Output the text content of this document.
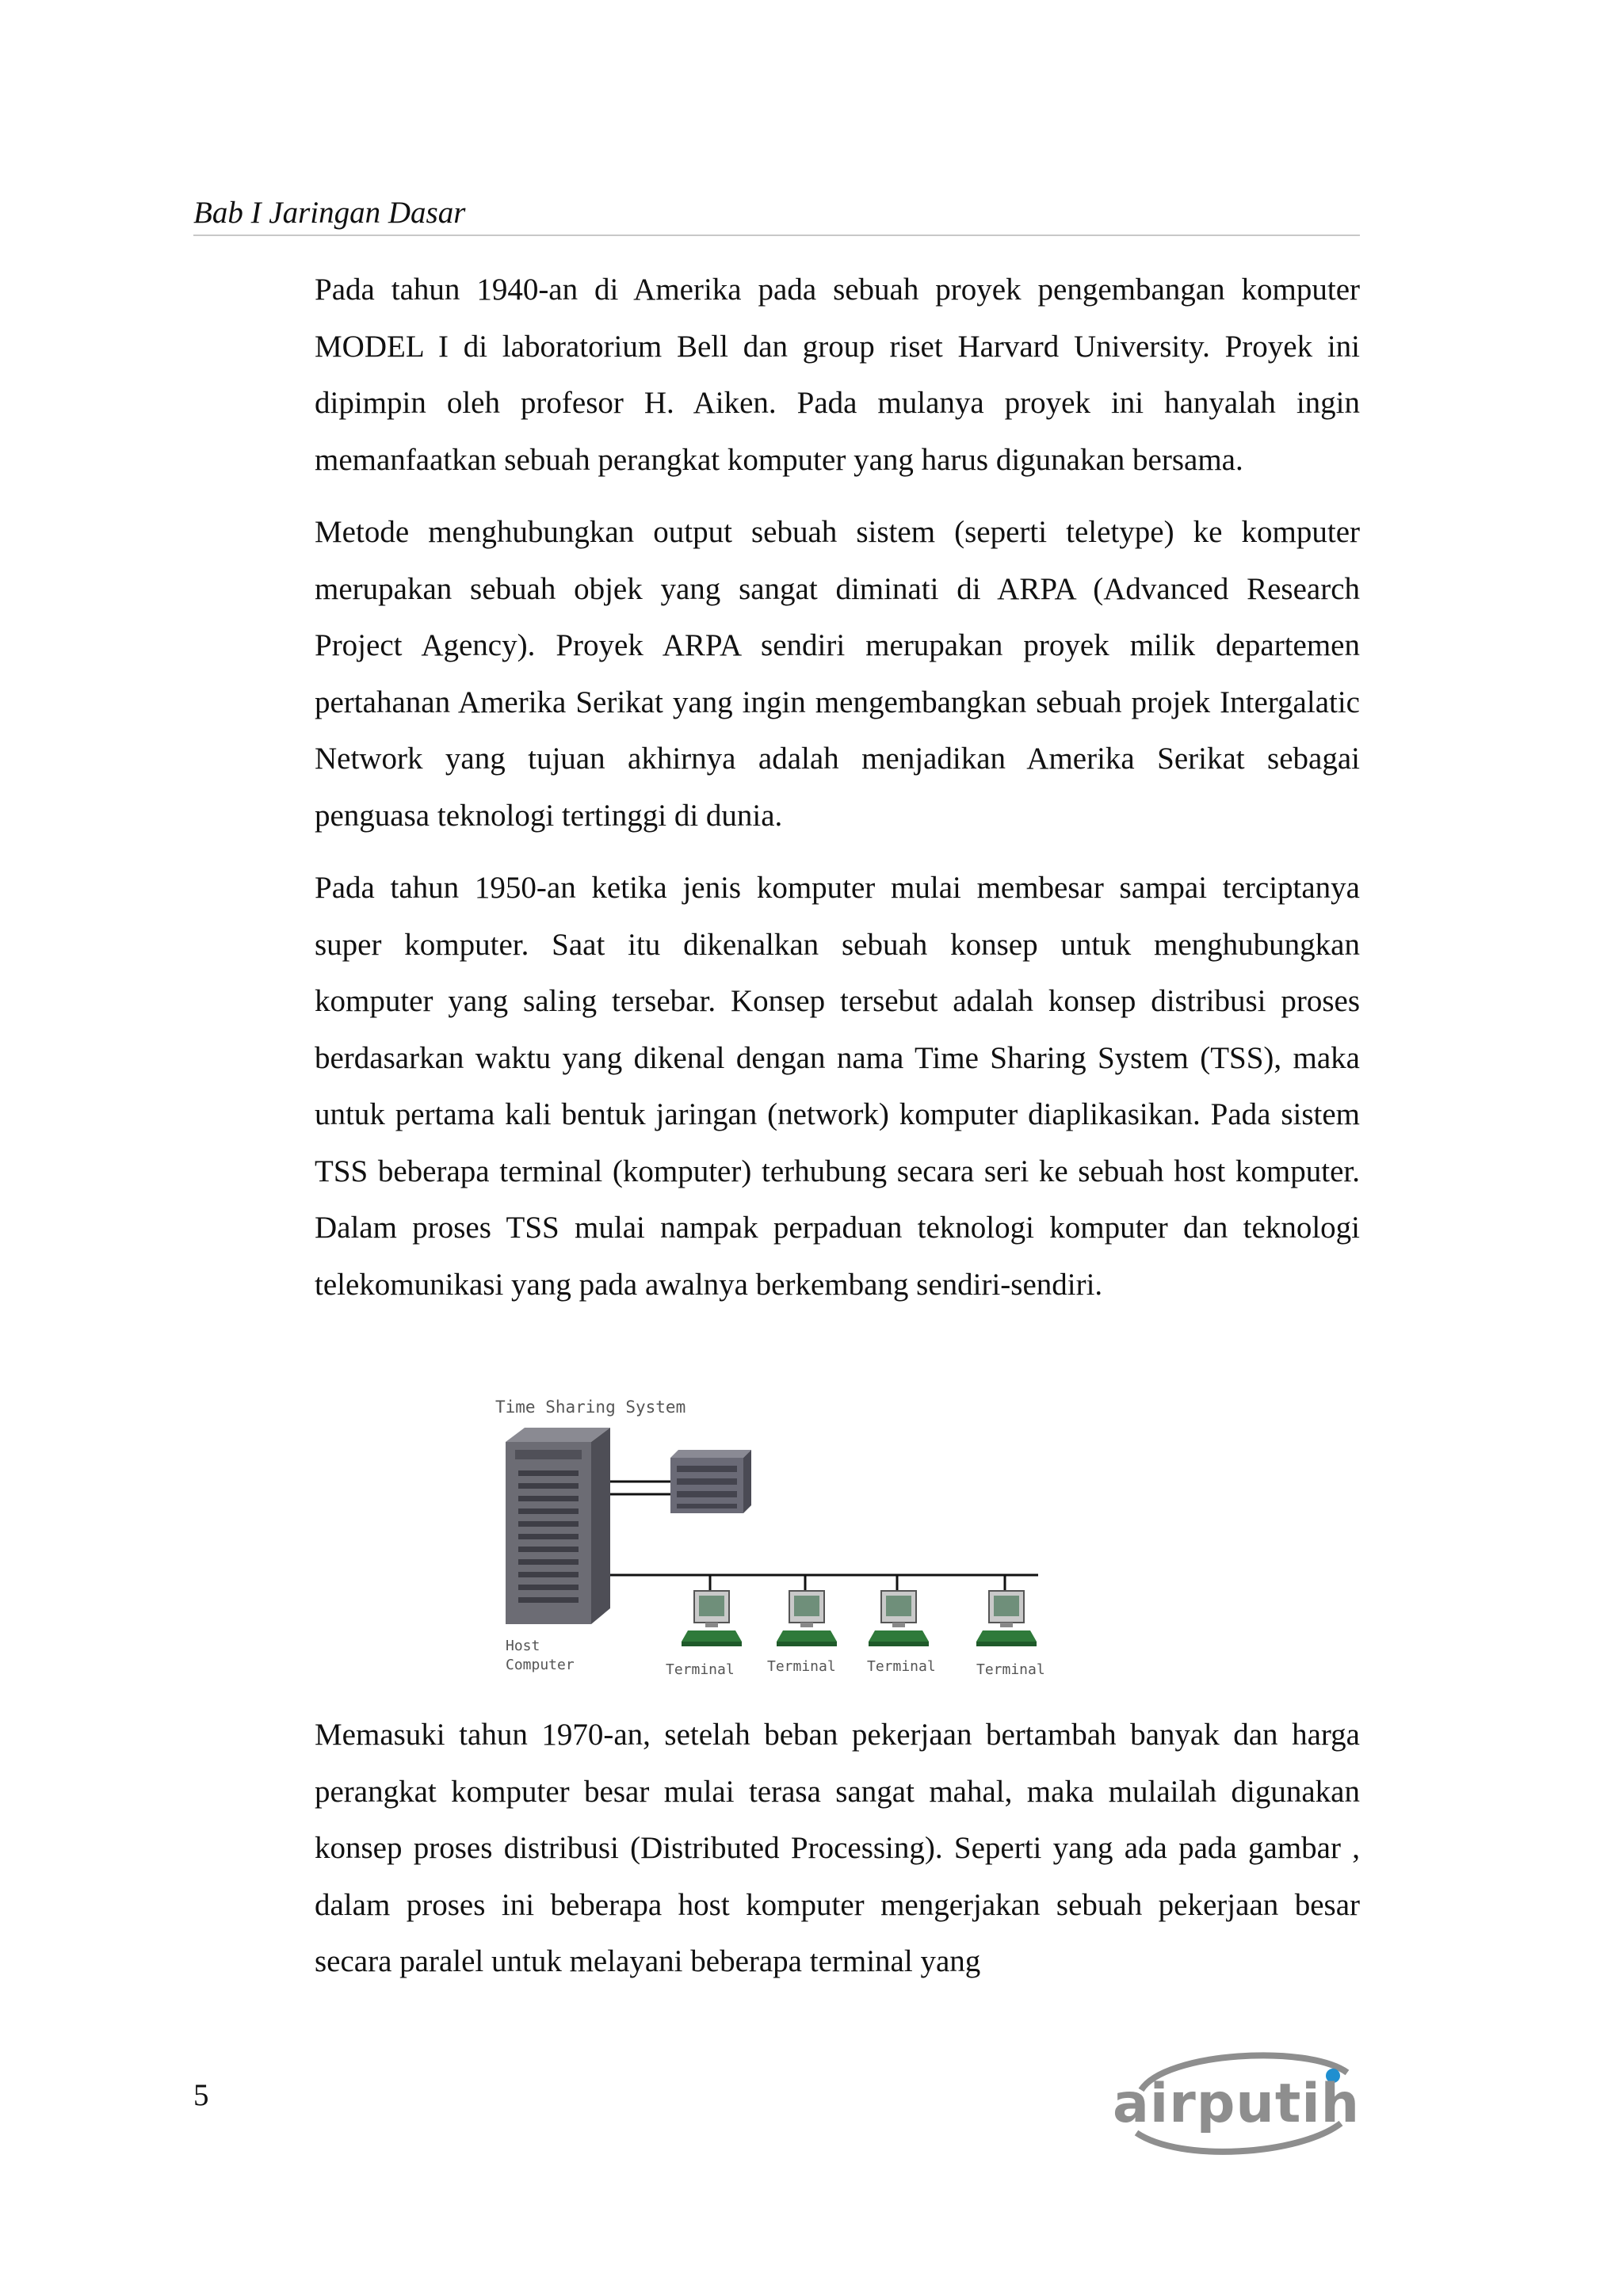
Bab I Jaringan Dasar

Pada tahun 1940-an di Amerika pada sebuah proyek pengembangan komputer MODEL I di laboratorium Bell dan group riset Harvard University. Proyek ini dipimpin oleh profesor H. Aiken. Pada mulanya proyek ini hanyalah ingin memanfaatkan sebuah perangkat komputer yang harus digunakan bersama.

Metode menghubungkan output sebuah sistem (seperti teletype) ke komputer merupakan sebuah objek yang sangat diminati di ARPA (Advanced Research Project Agency). Proyek ARPA sendiri merupakan proyek milik departemen pertahanan Amerika Serikat yang ingin mengembangkan sebuah projek Intergalatic Network yang tujuan akhirnya adalah menjadikan Amerika Serikat sebagai penguasa teknologi tertinggi di dunia.

Pada tahun 1950-an ketika jenis komputer mulai membesar sampai terciptanya super komputer. Saat itu dikenalkan sebuah konsep untuk menghubungkan komputer yang saling tersebar. Konsep tersebut adalah konsep distribusi proses berdasarkan waktu yang dikenal dengan nama Time Sharing System (TSS), maka untuk pertama kali bentuk jaringan (network) komputer diaplikasikan. Pada sistem TSS beberapa terminal (komputer) terhubung secara seri ke sebuah host komputer. Dalam proses TSS mulai nampak perpaduan teknologi komputer dan teknologi telekomunikasi yang pada awalnya berkembang sendiri-sendiri.

Time Sharing System
Host
Computer	Terminal Terminal Terminal	Terminal

Memasuki tahun 1970-an, setelah beban pekerjaan bertambah banyak dan harga perangkat komputer besar mulai terasa sangat mahal, maka mulailah digunakan konsep proses distribusi (Distributed Processing). Seperti yang ada pada gambar , dalam proses ini beberapa host komputer mengerjakan sebuah pekerjaan besar secara paralel untuk melayani beberapa terminal yang

5	airputih
